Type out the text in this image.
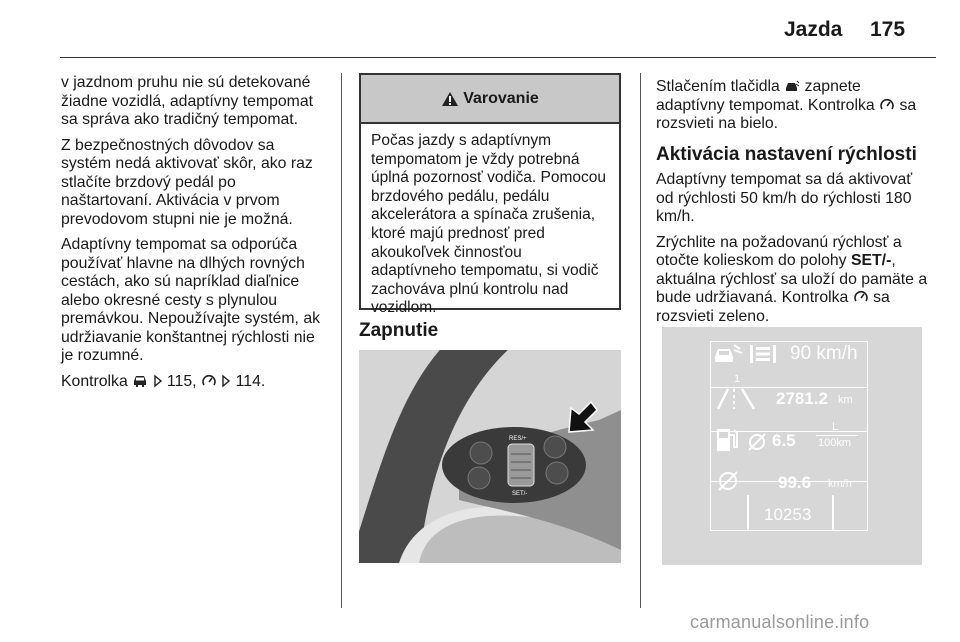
Jazda 175

v jazdnom pruhu nie sú detekované žiadne vozidlá, adaptívny tempomat sa správa ako tradičný tempomat.

Z bezpečnostných dôvodov sa systém nedá aktivovať skôr, ako raz stlačíte brzdový pedál po naštartovaní. Aktivácia v prvom prevodovom stupni nie je možná.

Adaptívny tempomat sa odporúča používať hlavne na dlhých rovných cestách, ako sú napríklad diaľnice alebo okresné cesty s plynulou premávkou. Nepoužívajte systém, ak udržiavanie konštantnej rýchlosti nie je rozumné.

Kontrolka 115, 114.

Varovanie
Počas jazdy s adaptívnym tempomatom je vždy potrebná úplná pozornosť vodiča. Pomocou brzdového pedálu, pedálu akcelerátora a spínača zrušenia, ktoré majú prednosť pred akoukoľvek činnosťou adaptívneho tempomatu, si vodič zachováva plnú kontrolu nad vozidlom.

Zapnutie

RES/+
SET/-

Stlačením tlačidla zapnete adaptívny tempomat. Kontrolka sa rozsvieti na bielo.

Aktivácia nastavení rýchlosti

Adaptívny tempomat sa dá aktivovať od rýchlosti 50 km/h do rýchlosti 180 km/h.

Zrýchlite na požadovanú rýchlosť a otočte kolieskom do polohy SET/-, aktuálna rýchlosť sa uloží do pamäte a bude udržiavaná. Kontrolka sa rozsvieti zeleno.

90 km/h
1
2781.2 km
6.5
L
100km
99.6 km/h
10253
carmanualsonline.info
